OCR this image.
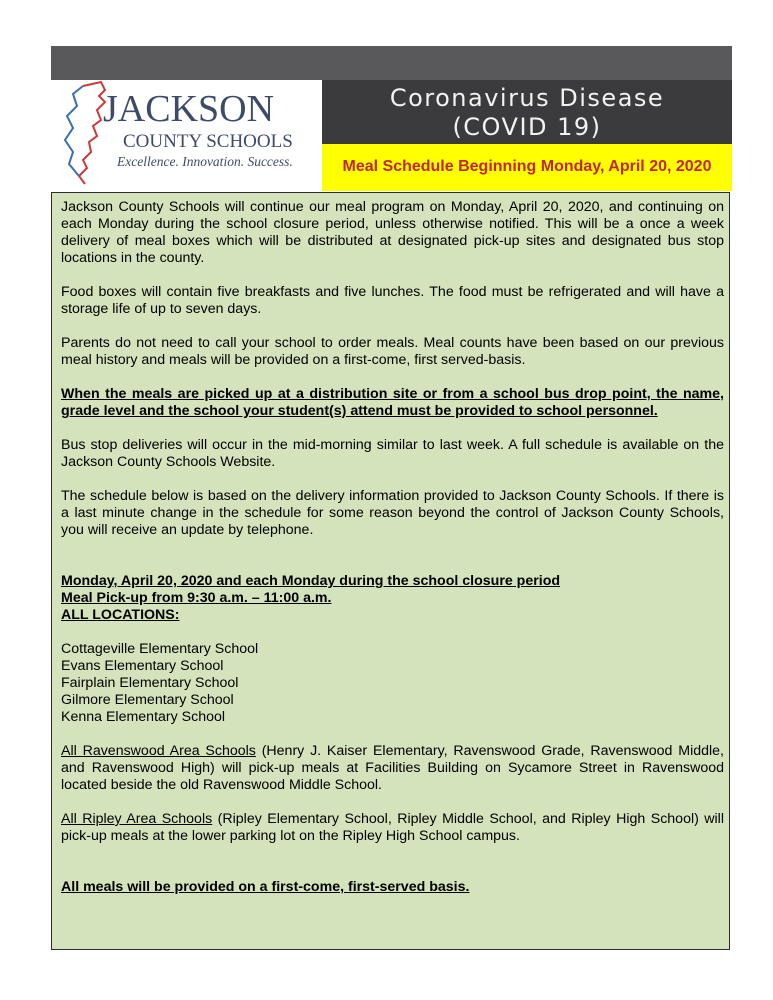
JACKSON
COUNTY SCHOOLS
Excellence. Innovation. Success.
Coronavirus Disease
(COVID 19)
Meal Schedule Beginning Monday, April 20, 2020

Jackson County Schools will continue our meal program on Monday, April 20, 2020, and continuing on each Monday during the school closure period, unless otherwise notified. This will be a once a week delivery of meal boxes which will be distributed at designated pick-up sites and designated bus stop locations in the county.

Food boxes will contain five breakfasts and five lunches. The food must be refrigerated and will have a storage life of up to seven days.

Parents do not need to call your school to order meals. Meal counts have been based on our previous meal history and meals will be provided on a first-come, first served-basis.

When the meals are picked up at a distribution site or from a school bus drop point, the name, grade level and the school your student(s) attend must be provided to school personnel.

Bus stop deliveries will occur in the mid-morning similar to last week. A full schedule is available on the Jackson County Schools Website.

The schedule below is based on the delivery information provided to Jackson County Schools. If there is a last minute change in the schedule for some reason beyond the control of Jackson County Schools, you will receive an update by telephone.

Monday, April 20, 2020 and each Monday during the school closure period

Meal Pick-up from 9:30 a.m. – 11:00 a.m.

ALL LOCATIONS:

Cottageville Elementary School

Evans Elementary School

Fairplain Elementary School

Gilmore Elementary School

Kenna Elementary School

All Ravenswood Area Schools (Henry J. Kaiser Elementary, Ravenswood Grade, Ravenswood Middle, and Ravenswood High) will pick-up meals at Facilities Building on Sycamore Street in Ravenswood located beside the old Ravenswood Middle School.

All Ripley Area Schools (Ripley Elementary School, Ripley Middle School, and Ripley High School) will pick-up meals at the lower parking lot on the Ripley High School campus.

All meals will be provided on a first-come, first-served basis.
